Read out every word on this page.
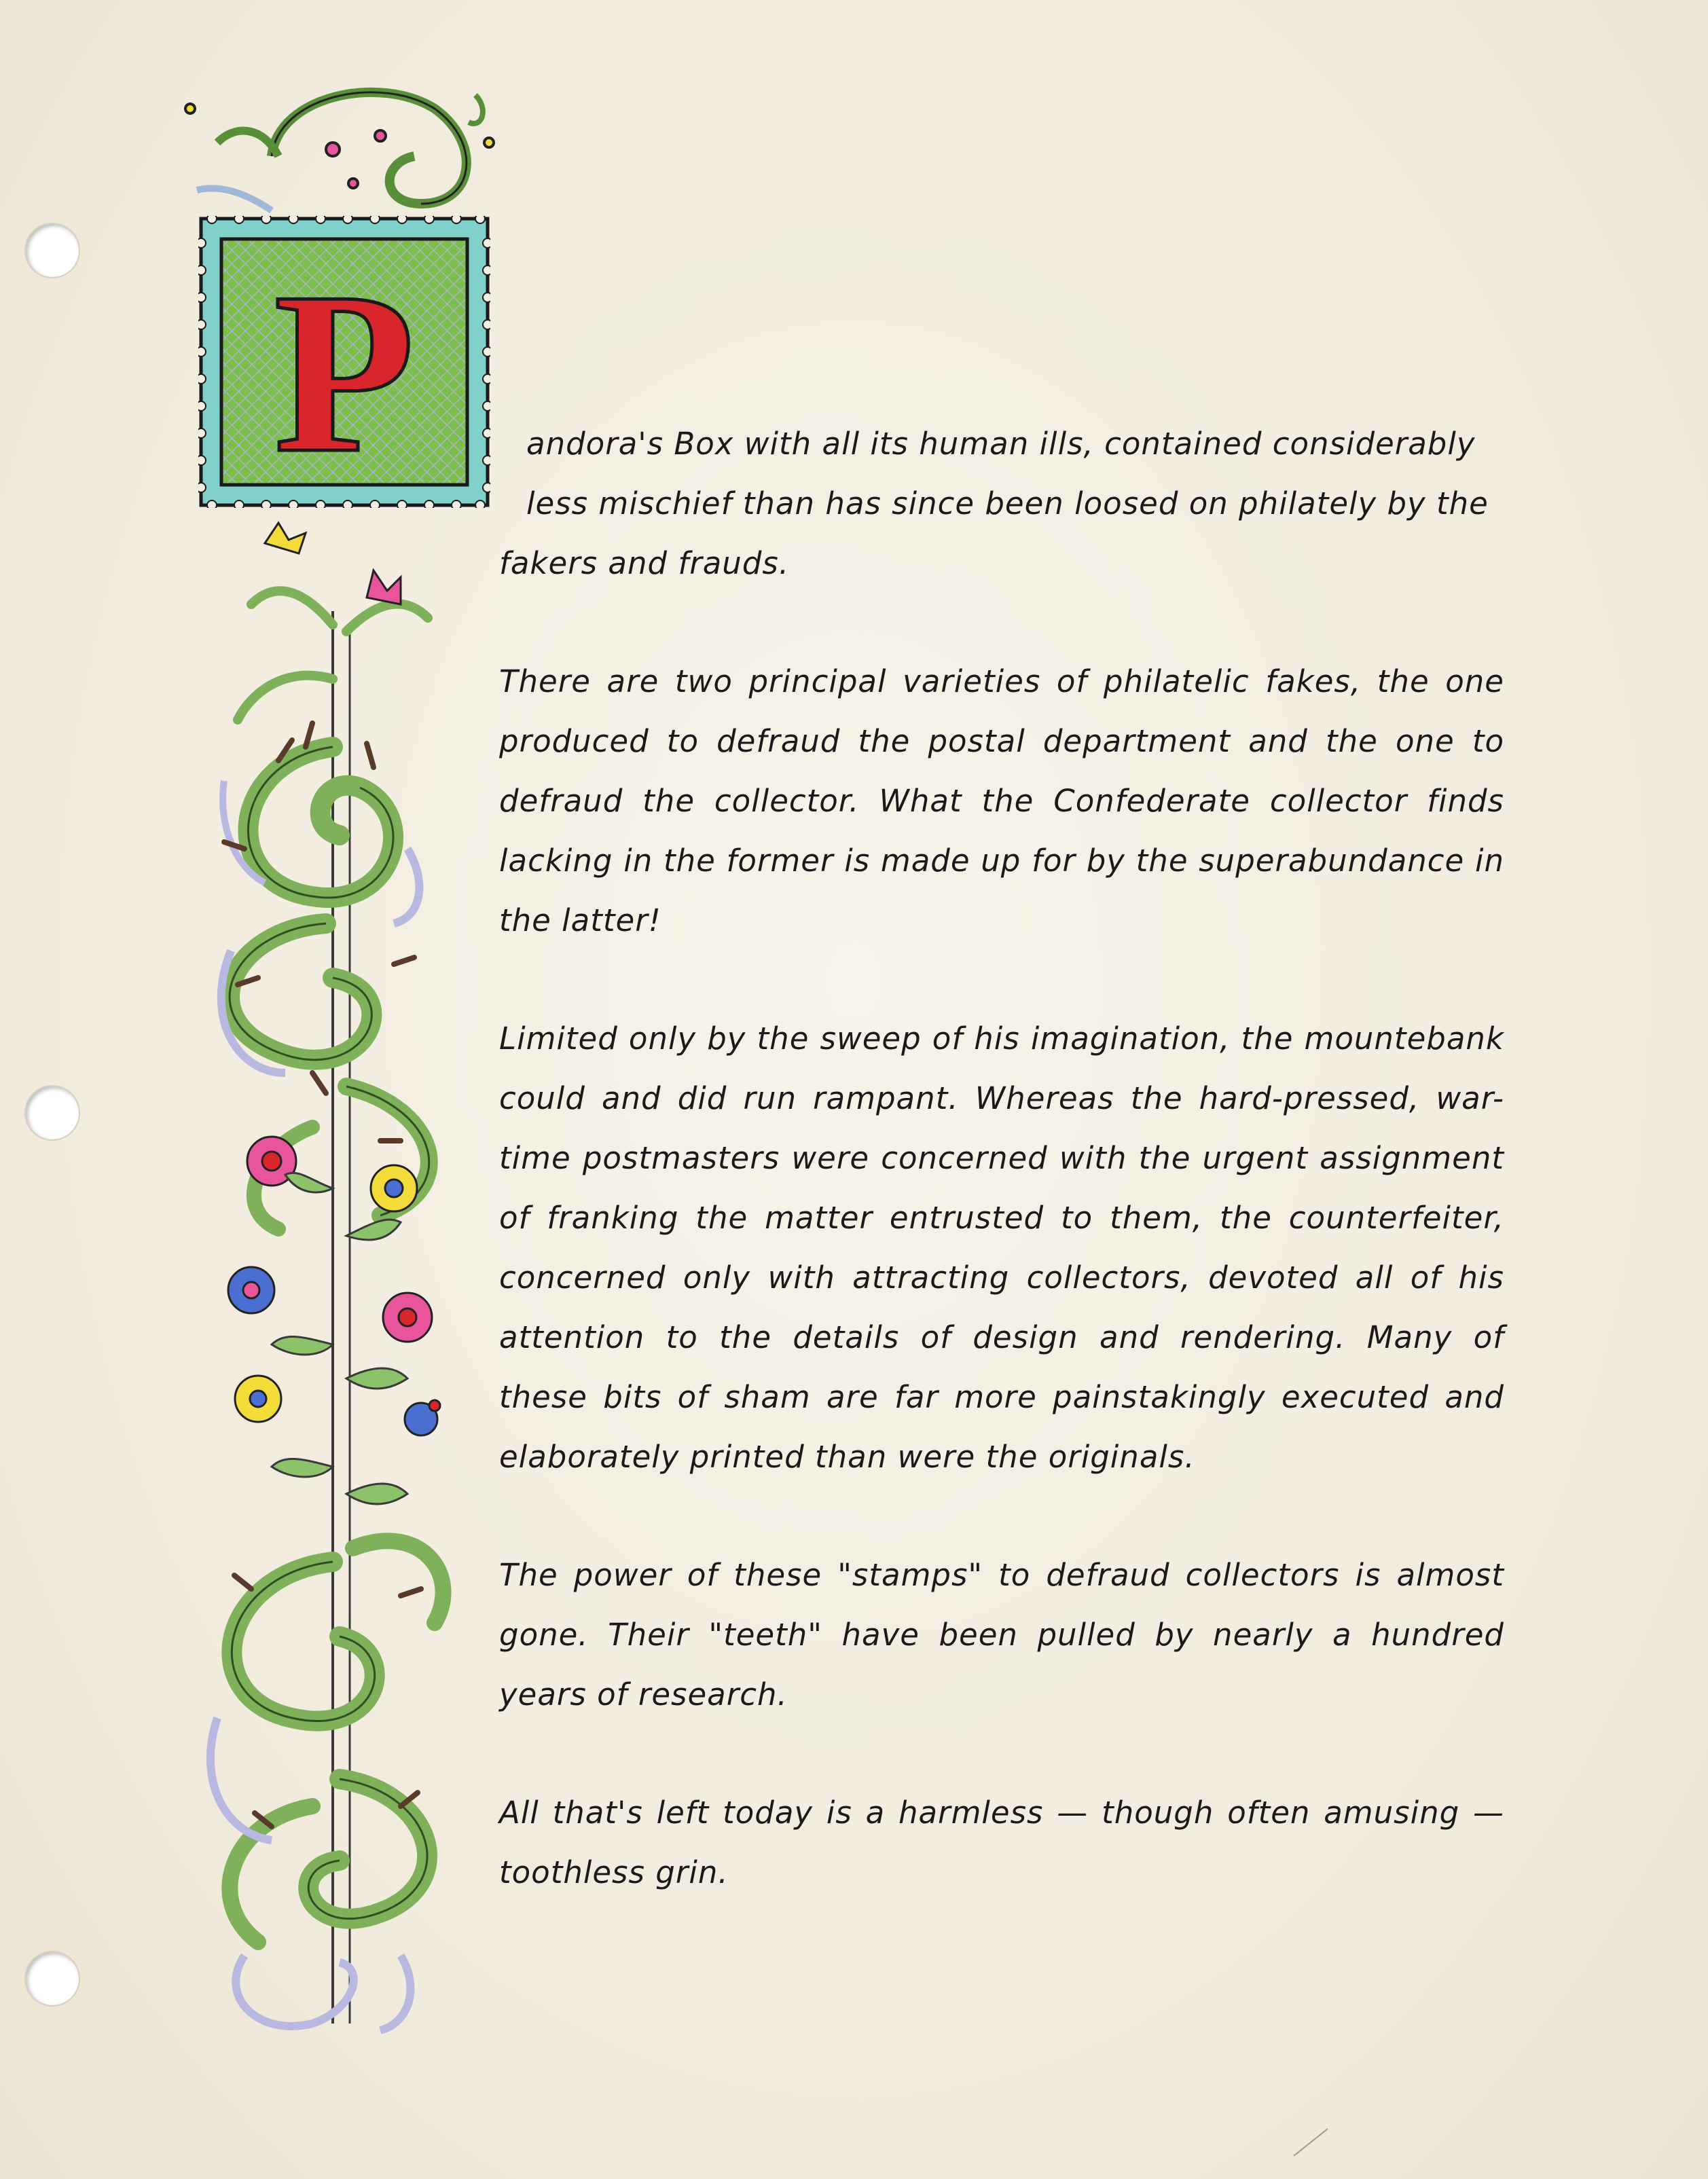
P	andora's Box with all its human ills, contained considerably
less mischief than has since been loosed on philately by the
fakers and frauds.

There are two principal varieties of philatelic fakes, the one produced to defraud the postal department and the one to defraud the collector. What the Confederate collector finds lacking in the former is made up for by the superabundance in the latter!

Limited only by the sweep of his imagination, the mountebank could and did run rampant. Whereas the hard-pressed, war-time postmasters were concerned with the urgent assignment of franking the matter entrusted to them, the counterfeiter, concerned only with attracting collectors, devoted all of his attention to the details of design and rendering. Many of these bits of sham are far more painstakingly executed and elaborately printed than were the originals.

The power of these "stamps" to defraud collectors is almost gone. Their "teeth" have been pulled by nearly a hundred years of research.

All that's left today is a harmless — though often amusing — toothless grin.
